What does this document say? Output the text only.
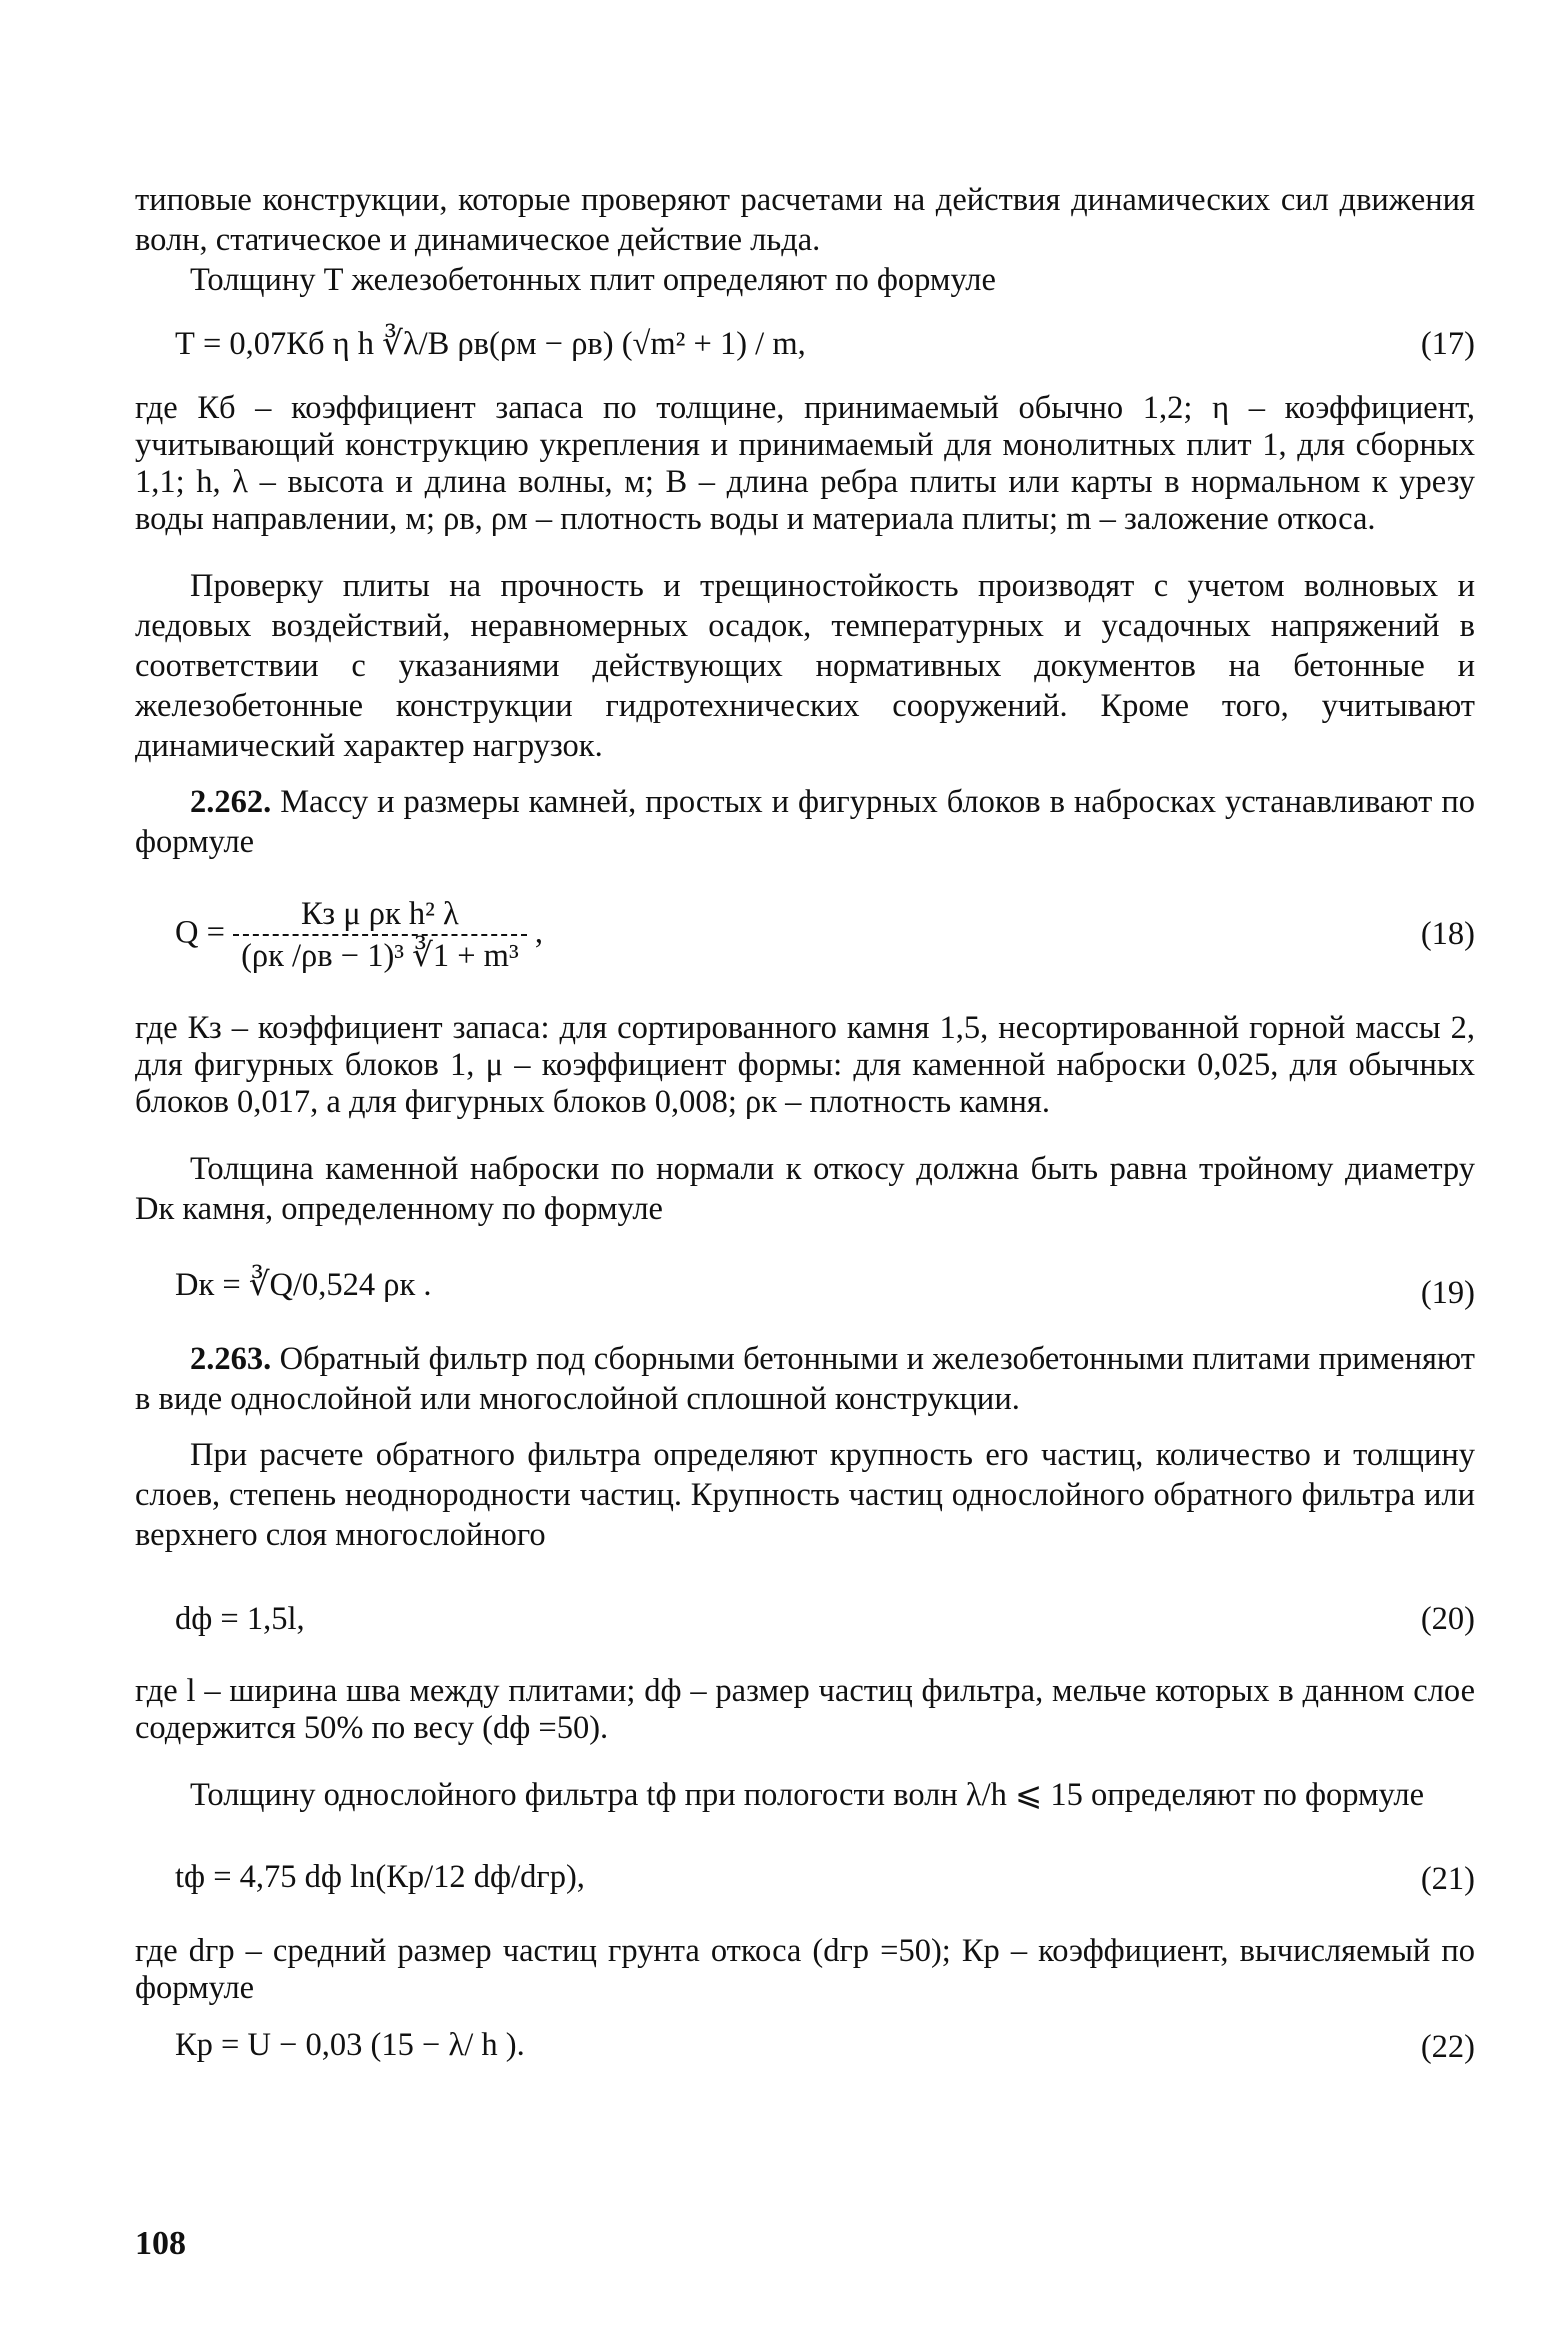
типовые конструкции, которые проверяют расчетами на действия динамических сил движения волн, статическое и динамическое действие льда.

Толщину Т железобетонных плит определяют по формуле

Т = 0,07Кб η h ∛λ/B ρв(ρм − ρв) (√m² + 1) / m,	(17)

где Кб – коэффициент запаса по толщине, принимаемый обычно 1,2; η – коэффициент, учитывающий конструкцию укрепления и принимаемый для монолитных плит 1, для сборных 1,1; h, λ – высота и длина волны, м; В – длина ребра плиты или карты в нормальном к урезу воды направлении, м; ρв, ρм – плотность воды и материала плиты; m – заложение откоса.

Проверку плиты на прочность и трещиностойкость производят с учетом волновых и ледовых воздействий, неравномерных осадок, температурных и усадочных напряжений в соответствии с указаниями действующих нормативных документов на бетонные и железобетонные конструкции гидротехнических сооружений. Кроме того, учитывают динамический характер нагрузок.

2.262. Массу и размеры камней, простых и фигурных блоков в набросках устанавливают по формуле

$Q = \frac{\text{Кз μ ρк h² λ}}{\text{(ρк /ρв − 1)³ ∛1 + m³}}$ ,	(18)

где Кз – коэффициент запаса: для сортированного камня 1,5, несортированной горной массы 2, для фигурных блоков 1, μ – коэффициент формы: для каменной наброски 0,025, для обычных блоков 0,017, а для фигурных блоков 0,008; ρк – плотность камня.

Толщина каменной наброски по нормали к откосу должна быть равна тройному диаметру Dк камня, определенному по формуле

Dк = ∛Q/0,524 ρк .	(19)

2.263. Обратный фильтр под сборными бетонными и железобетонными плитами применяют в виде однослойной или многослойной сплошной конструкции.

При расчете обратного фильтра определяют крупность его частиц, количество и толщину слоев, степень неоднородности частиц. Крупность частиц однослойного обратного фильтра или верхнего слоя многослойного

dф = 1,5l,	(20)

где l – ширина шва между плитами; dф – размер частиц фильтра, мельче которых в данном слое содержится 50% по весу (dф =50).

Толщину однослойного фильтра tф при пологости волн λ/h ⩽ 15 определяют по формуле

tф = 4,75 dф ln(Кр/12 dф/dгр),	(21)

где dгр – средний размер частиц грунта откоса (dгр =50); Кр – коэффициент, вычисляемый по формуле

Кр = U − 0,03 (15 − λ/ h ).	(22)
108
